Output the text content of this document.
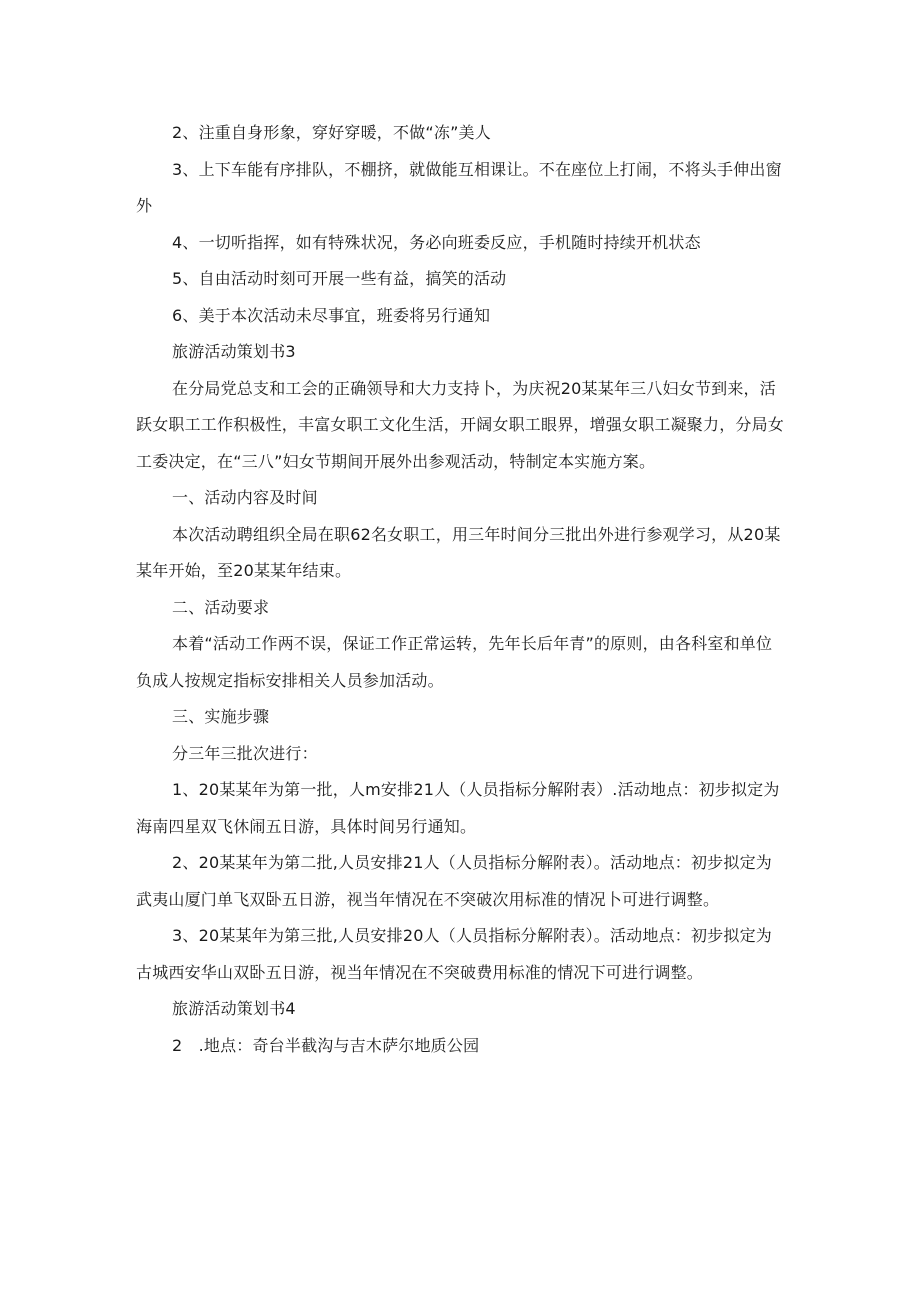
2、注重自身形象，穿好穿暖，不做“冻”美人

3、上下车能有序排队，不棚挤，就做能互相课让。不在座位上打闹，不将头手伸出窗外

4、一切听指挥，如有特殊状况，务必向班委反应，手机随时持续开机状态

5、自由活动时刻可开展一些有益，搞笑的活动

6、美于本次活动未尽事宜，班委将另行通知

旅游活动策划书3

在分局党总支和工会的正确领导和大力支持卜，为庆祝20某某年三八妇女节到来，活跃女职工工作积极性，丰富女职工文化生活，开阔女职工眼界，增强女职工凝聚力，分局女工委决定，在“三八”妇女节期间开展外出参观活动，特制定本实施方案。

一、活动内容及时间

本次活动聘组织全局在职62名女职工，用三年时间分三批出外进行参观学习，从20某某年开始，至20某某年结束。

二、活动要求

本着“活动工作两不误，保证工作正常运转，先年长后年青”的原则，由各科室和单位负成人按规定指标安排相关人员参加活动。

三、实施步骤

分三年三批次进行：

1、20某某年为第一批，人m安排21人（人员指标分解附表）.活动地点：初步拟定为海南四星双飞休闹五日游，具体时间另行通知。

2、20某某年为第二批,人员安排21人（人员指标分解附表）。活动地点：初步拟定为武夷山厦门单飞双卧五日游，视当年情况在不突破次用标准的情况卜可进行调整。

3、20某某年为第三批,人员安排20人（人员指标分解附表）。活动地点：初步拟定为古城西安华山双卧五日游，视当年情况在不突破费用标准的情况下可进行调整。

旅游活动策划书4

2　.地点：奇台半截沟与吉木萨尔地质公园
